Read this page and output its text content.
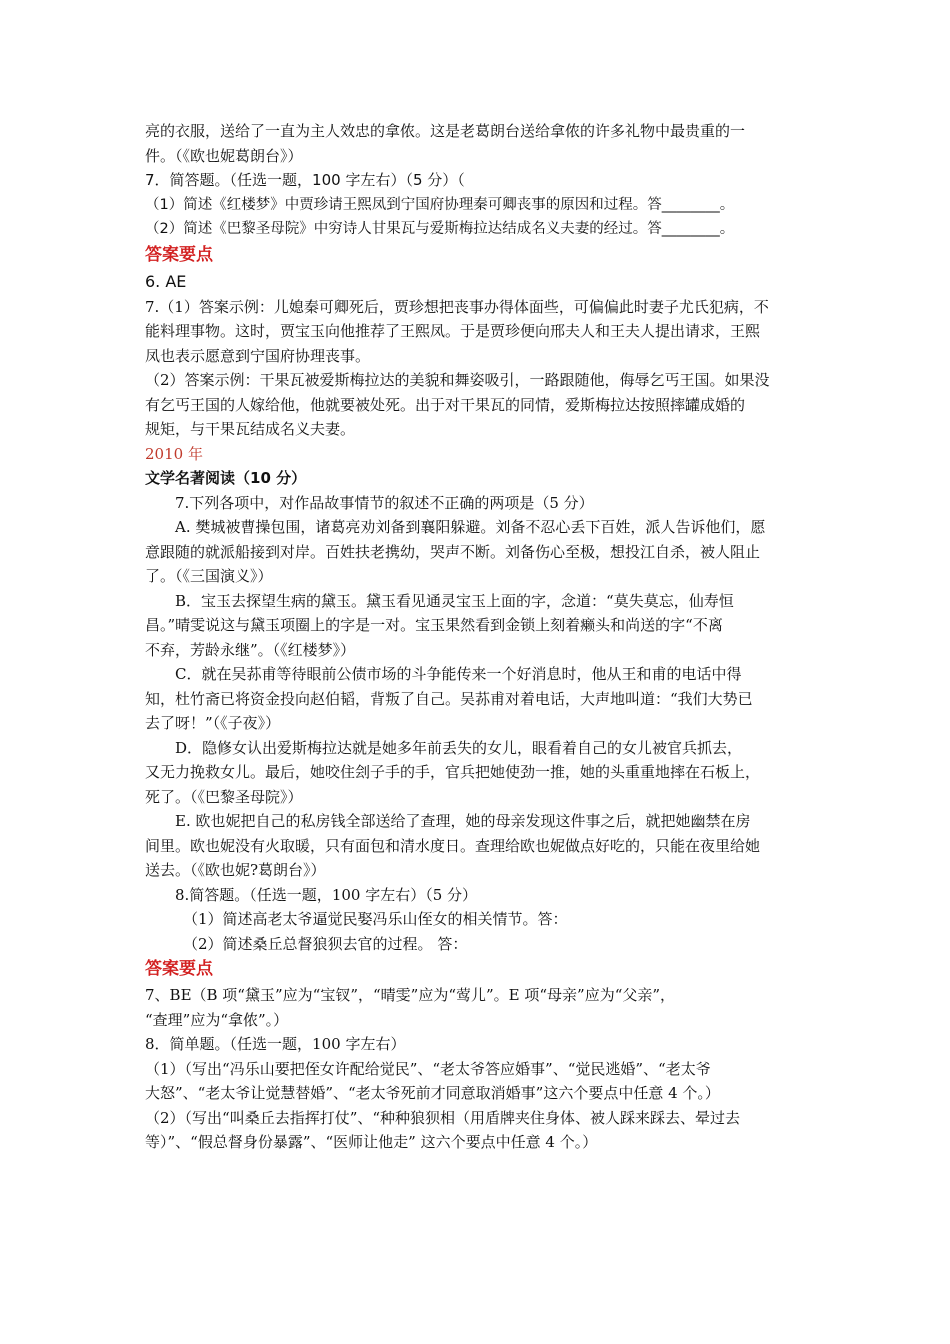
亮的衣服，送给了一直为主人效忠的拿侬。这是老葛朗台送给拿侬的许多礼物中最贵重的一

件。（《欧也妮葛朗台》）

7．简答题。（任选一题，100 字左右）（5 分）（

（1）简述《红楼梦》中贾珍请王熙凤到宁国府协理秦可卿丧事的原因和过程。答________。

（2）简述《巴黎圣母院》中穷诗人甘果瓦与爱斯梅拉达结成名义夫妻的经过。答________。

答案要点

6. AE

7.（1）答案示例：儿媳秦可卿死后，贾珍想把丧事办得体面些，可偏偏此时妻子尤氏犯病，不

能料理事物。这时，贾宝玉向他推荐了王熙凤。于是贾珍便向邢夫人和王夫人提出请求，王熙

凤也表示愿意到宁国府协理丧事。

（2）答案示例：干果瓦被爱斯梅拉达的美貌和舞姿吸引，一路跟随他，侮辱乞丐王国。如果没

有乞丐王国的人嫁给他，他就要被处死。出于对干果瓦的同情，爱斯梅拉达按照摔罐成婚的

规矩，与干果瓦结成名义夫妻。

2010 年

文学名著阅读（10 分）

7.下列各项中，对作品故事情节的叙述不正确的两项是（5 分）

A. 樊城被曹操包围，诸葛亮劝刘备到襄阳躲避。刘备不忍心丢下百姓，派人告诉他们，愿

意跟随的就派船接到对岸。百姓扶老携幼，哭声不断。刘备伤心至极，想投江自杀，被人阻止

了。（《三国演义》）

B．宝玉去探望生病的黛玉。黛玉看见通灵宝玉上面的字，念道：“莫失莫忘，仙寿恒

昌。”晴雯说这与黛玉项圈上的字是一对。宝玉果然看到金锁上刻着癞头和尚送的字“不离

不弃，芳龄永继”。（《红楼梦》）

C．就在吴荪甫等待眼前公债市场的斗争能传来一个好消息时，他从王和甫的电话中得

知，杜竹斋已将资金投向赵伯韬，背叛了自己。吴荪甫对着电话，大声地叫道：“我们大势已

去了呀！”（《子夜》）

D．隐修女认出爱斯梅拉达就是她多年前丢失的女儿，眼看着自己的女儿被官兵抓去，

又无力挽救女儿。最后，她咬住刽子手的手，官兵把她使劲一推，她的头重重地摔在石板上，

死了。（《巴黎圣母院》）

E. 欧也妮把自己的私房钱全部送给了查理，她的母亲发现这件事之后，就把她幽禁在房

间里。欧也妮没有火取暖，只有面包和清水度日。查理给欧也妮做点好吃的，只能在夜里给她

送去。（《欧也妮?葛朗台》）

8.简答题。（任选一题，100 字左右）（5 分）

（1）简述高老太爷逼觉民娶冯乐山侄女的相关情节。答：

（2）简述桑丘总督狼狈去官的过程。 答：

答案要点

7、BE（B 项“黛玉”应为“宝钗”，“晴雯”应为“莺儿”。E 项“母亲”应为“父亲”，

“查理”应为“拿侬”。）

8．简单题。（任选一题，100 字左右）

（1）（写出“冯乐山要把侄女许配给觉民”、“老太爷答应婚事”、“觉民逃婚”、“老太爷

大怒”、“老太爷让觉慧替婚”、“老太爷死前才同意取消婚事”这六个要点中任意 4 个。）

（2）（写出“叫桑丘去指挥打仗”、“种种狼狈相（用盾牌夹住身体、被人踩来踩去、晕过去

等）”、“假总督身份暴露”、“医师让他走” 这六个要点中任意 4 个。）
